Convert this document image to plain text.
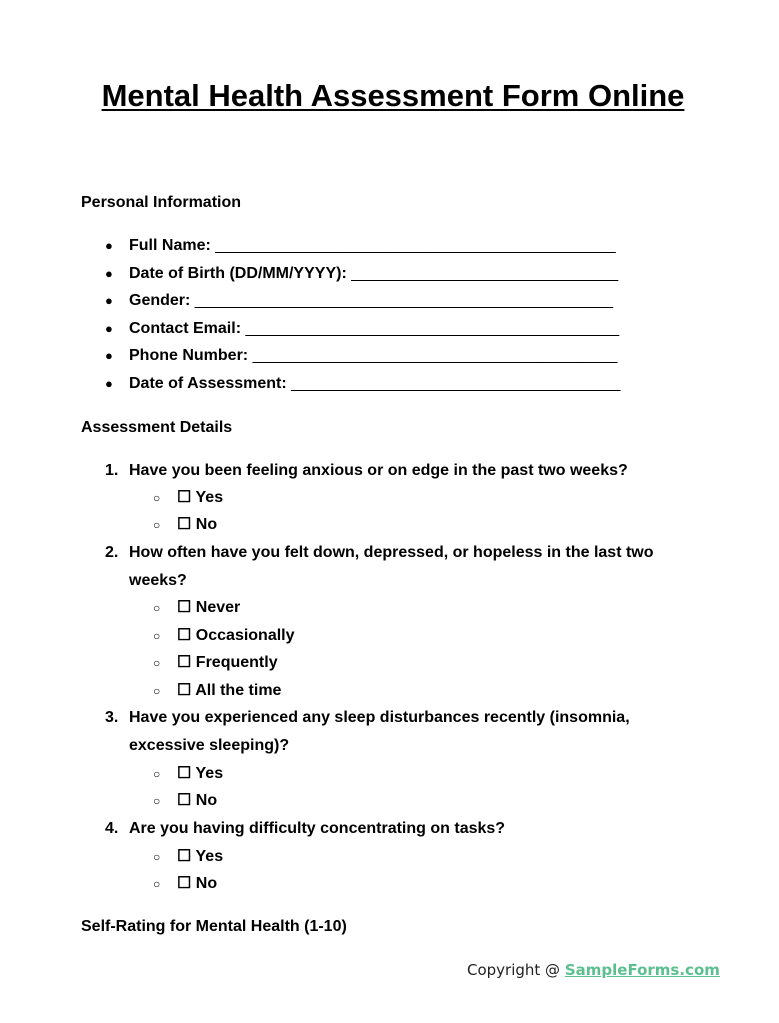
Mental Health Assessment Form Online
Personal Information
● Full Name: _____________________________________________
● Date of Birth (DD/MM/YYYY): ______________________________
● Gender: _______________________________________________
● Contact Email: __________________________________________
● Phone Number: _________________________________________
● Date of Assessment: _____________________________________
Assessment Details
1. Have you been feeling anxious or on edge in the past two weeks?
○ ☐ Yes
○ ☐ No
2. How often have you felt down, depressed, or hopeless in the last two
weeks?
○ ☐ Never
○ ☐ Occasionally
○ ☐ Frequently
○ ☐ All the time
3. Have you experienced any sleep disturbances recently (insomnia,
excessive sleeping)?
○ ☐ Yes
○ ☐ No
4. Are you having difficulty concentrating on tasks?
○ ☐ Yes
○ ☐ No
Self-Rating for Mental Health (1-10)
Copyright @ SampleForms.com
